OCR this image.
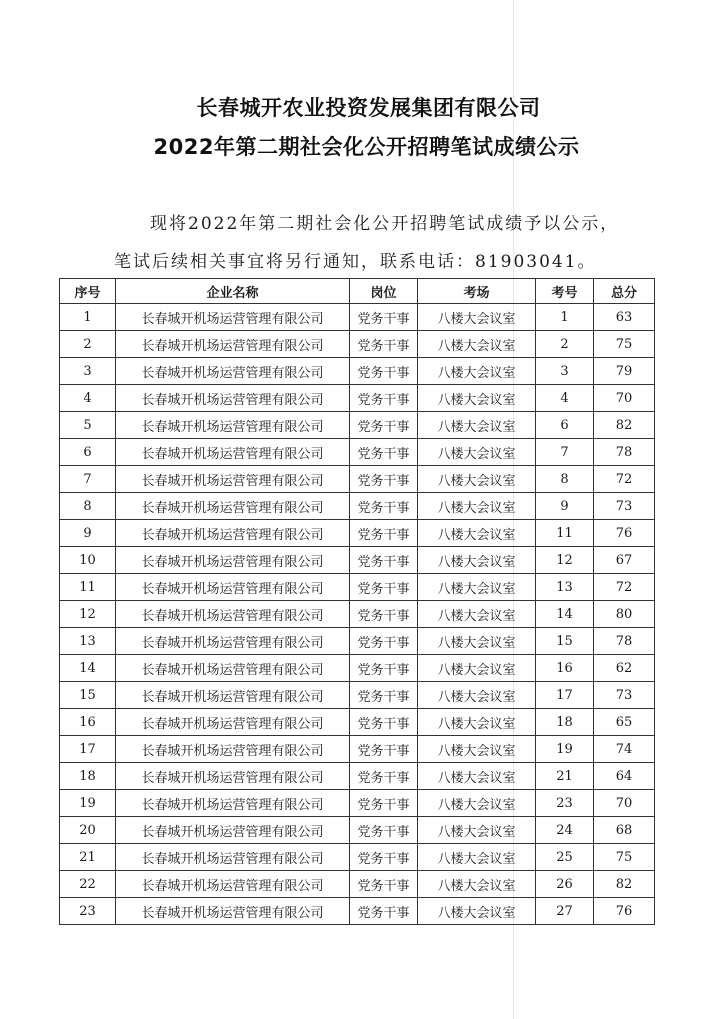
长春城开农业投资发展集团有限公司
2022年第二期社会化公开招聘笔试成绩公示
现将2022年第二期社会化公开招聘笔试成绩予以公示，
笔试后续相关事宜将另行通知，联系电话：81903041。
序号	企业名称	岗位	考场	考号	总分
1	长春城开机场运营管理有限公司	党务干事	八楼大会议室	1	63
2	长春城开机场运营管理有限公司	党务干事	八楼大会议室	2	75
3	长春城开机场运营管理有限公司	党务干事	八楼大会议室	3	79
4	长春城开机场运营管理有限公司	党务干事	八楼大会议室	4	70
5	长春城开机场运营管理有限公司	党务干事	八楼大会议室	6	82
6	长春城开机场运营管理有限公司	党务干事	八楼大会议室	7	78
7	长春城开机场运营管理有限公司	党务干事	八楼大会议室	8	72
8	长春城开机场运营管理有限公司	党务干事	八楼大会议室	9	73
9	长春城开机场运营管理有限公司	党务干事	八楼大会议室	11	76
10	长春城开机场运营管理有限公司	党务干事	八楼大会议室	12	67
11	长春城开机场运营管理有限公司	党务干事	八楼大会议室	13	72
12	长春城开机场运营管理有限公司	党务干事	八楼大会议室	14	80
13	长春城开机场运营管理有限公司	党务干事	八楼大会议室	15	78
14	长春城开机场运营管理有限公司	党务干事	八楼大会议室	16	62
15	长春城开机场运营管理有限公司	党务干事	八楼大会议室	17	73
16	长春城开机场运营管理有限公司	党务干事	八楼大会议室	18	65
17	长春城开机场运营管理有限公司	党务干事	八楼大会议室	19	74
18	长春城开机场运营管理有限公司	党务干事	八楼大会议室	21	64
19	长春城开机场运营管理有限公司	党务干事	八楼大会议室	23	70
20	长春城开机场运营管理有限公司	党务干事	八楼大会议室	24	68
21	长春城开机场运营管理有限公司	党务干事	八楼大会议室	25	75
22	长春城开机场运营管理有限公司	党务干事	八楼大会议室	26	82
23	长春城开机场运营管理有限公司	党务干事	八楼大会议室	27	76
